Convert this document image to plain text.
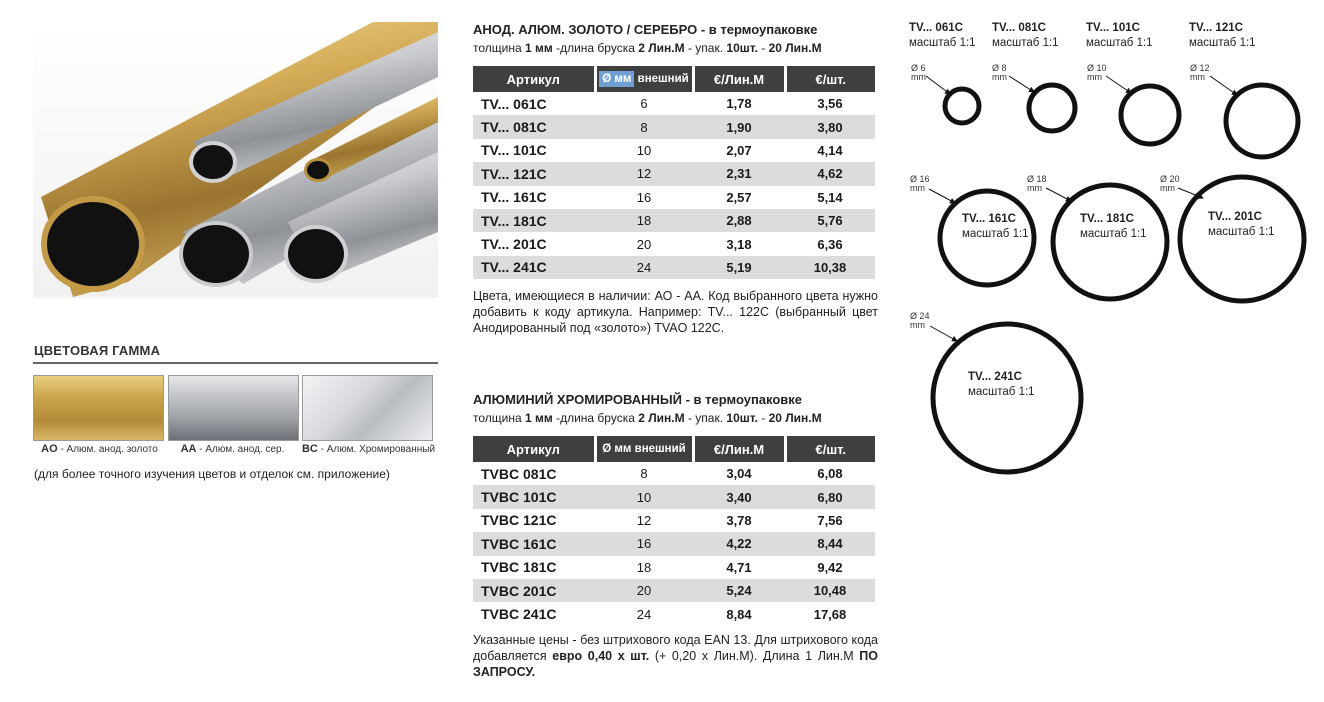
ЦВЕТОВАЯ ГАММА
AO - Алюм. анод. золото	AA - Алюм. анод. сер.	BC - Алюм. Хромированный
(для более точного изучения цветов и отделок см. приложение)
АНОД. АЛЮМ. ЗОЛОТО / СЕРЕБРО - в термоупаковке
толщина 1 мм -длина бруска 2 Лин.М - упак. 10шт. - 20 Лин.М
Артикул	Ø мм внешний	€/Лин.М	€/шт.
TV... 061C	6	1,78	3,56
TV... 081C	8	1,90	3,80
TV... 101C	10	2,07	4,14
TV... 121C	12	2,31	4,62
TV... 161C	16	2,57	5,14
TV... 181C	18	2,88	5,76
TV... 201C	20	3,18	6,36
TV... 241C	24	5,19	10,38
Цвета, имеющиеся в наличии: АО - АА. Код выбранного цвета нужно добавить к коду артикула. Например: TV... 122C (выбранный цвет Анодированный под «золото») TVAO 122C.
АЛЮМИНИЙ ХРОМИРОВАННЫЙ - в термоупаковке
толщина 1 мм -длина бруска 2 Лин.М - упак. 10шт. - 20 Лин.М
Артикул	Ø мм внешний	€/Лин.М	€/шт.
TVBC 081C	8	3,04	6,08
TVBC 101C	10	3,40	6,80
TVBC 121C	12	3,78	7,56
TVBC 161C	16	4,22	8,44
TVBC 181C	18	4,71	9,42
TVBC 201C	20	5,24	10,48
TVBC 241C	24	8,84	17,68
Указанные цены - без штрихового кода EAN 13. Для штрихового кода добавляется евро 0,40 х шт. (+ 0,20 х Лин.М). Длина 1 Лин.М ПО ЗАПРОСУ.
TV... 061C
масштаб 1:1
TV... 081C
масштаб 1:1
TV... 101C
масштаб 1:1
TV... 121C
масштаб 1:1
TV... 161C
масштаб 1:1
TV... 181C
масштаб 1:1
TV... 201C
масштаб 1:1
TV... 241C
масштаб 1:1
Ø 6
mm
Ø 8
mm
Ø 10
mm
Ø 12
mm
Ø 16
mm
Ø 18
mm
Ø 20
mm
Ø 24
mm
